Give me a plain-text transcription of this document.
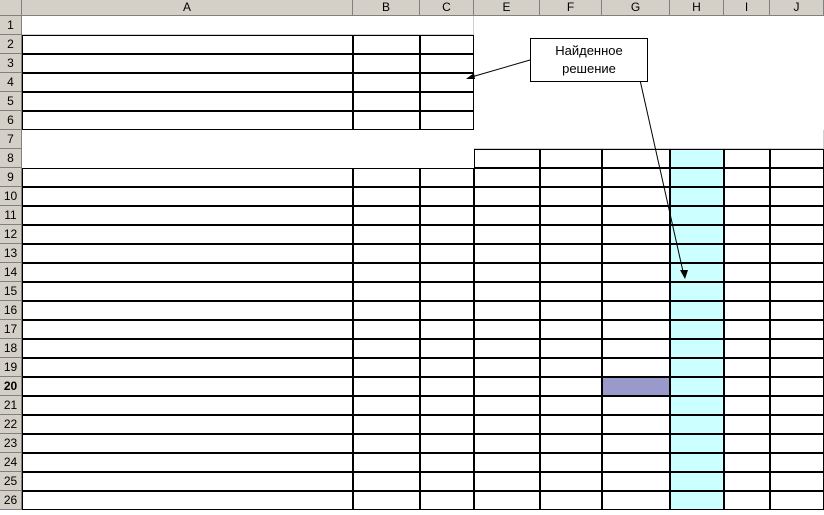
A	B	C	E	F	G	H	I	J
1
2
3
4
5
6
7
8
9
10
11
12
13
14
15
16
17
18
19
20
21
22
23
24
25
26
Найденное
решение
